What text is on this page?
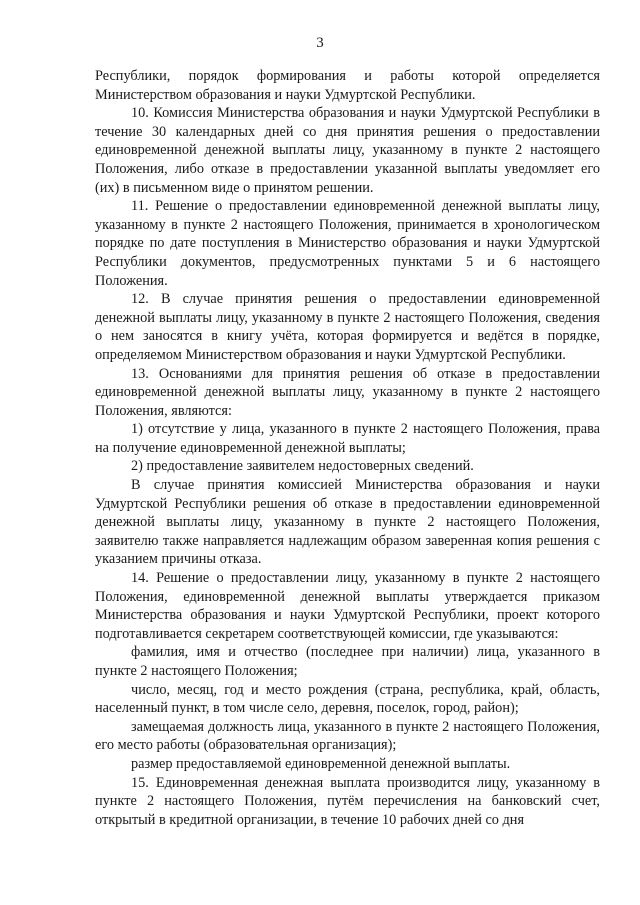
3

Республики, порядок формирования и работы которой определяется Министерством образования и науки Удмуртской Республики.

10. Комиссия Министерства образования и науки Удмуртской Республики в течение 30 календарных дней со дня принятия решения о предоставлении единовременной денежной выплаты лицу, указанному в пункте 2 настоящего Положения, либо отказе в предоставлении указанной выплаты уведомляет его (их) в письменном виде о принятом решении.

11. Решение о предоставлении единовременной денежной выплаты лицу, указанному в пункте 2 настоящего Положения, принимается в хронологическом порядке по дате поступления в Министерство образования и науки Удмуртской Республики документов, предусмотренных пунктами 5 и 6 настоящего Положения.

12. В случае принятия решения о предоставлении единовременной денежной выплаты лицу, указанному в пункте 2 настоящего Положения, сведения о нем заносятся в книгу учёта, которая формируется и ведётся в порядке, определяемом Министерством образования и науки Удмуртской Республики.

13. Основаниями для принятия решения об отказе в предоставлении единовременной денежной выплаты лицу, указанному в пункте 2 настоящего Положения, являются:

1) отсутствие у лица, указанного в пункте 2 настоящего Положения, права на получение единовременной денежной выплаты;

2) предоставление заявителем недостоверных сведений.

В случае принятия комиссией Министерства образования и науки Удмуртской Республики решения об отказе в предоставлении единовременной денежной выплаты лицу, указанному в пункте 2 настоящего Положения, заявителю также направляется надлежащим образом заверенная копия решения с указанием причины отказа.

14. Решение о предоставлении лицу, указанному в пункте 2 настоящего Положения, единовременной денежной выплаты утверждается приказом Министерства образования и науки Удмуртской Республики, проект которого подготавливается секретарем соответствующей комиссии, где указываются:

фамилия, имя и отчество (последнее при наличии) лица, указанного в пункте 2 настоящего Положения;

число, месяц, год и место рождения (страна, республика, край, область, населенный пункт, в том числе село, деревня, поселок, город, район);

замещаемая должность лица, указанного в пункте 2 настоящего Положения, его место работы (образовательная организация);

размер предоставляемой единовременной денежной выплаты.

15. Единовременная денежная выплата производится лицу, указанному в пункте 2 настоящего Положения, путём перечисления на банковский счет, открытый в кредитной организации, в течение 10 рабочих дней со дня
